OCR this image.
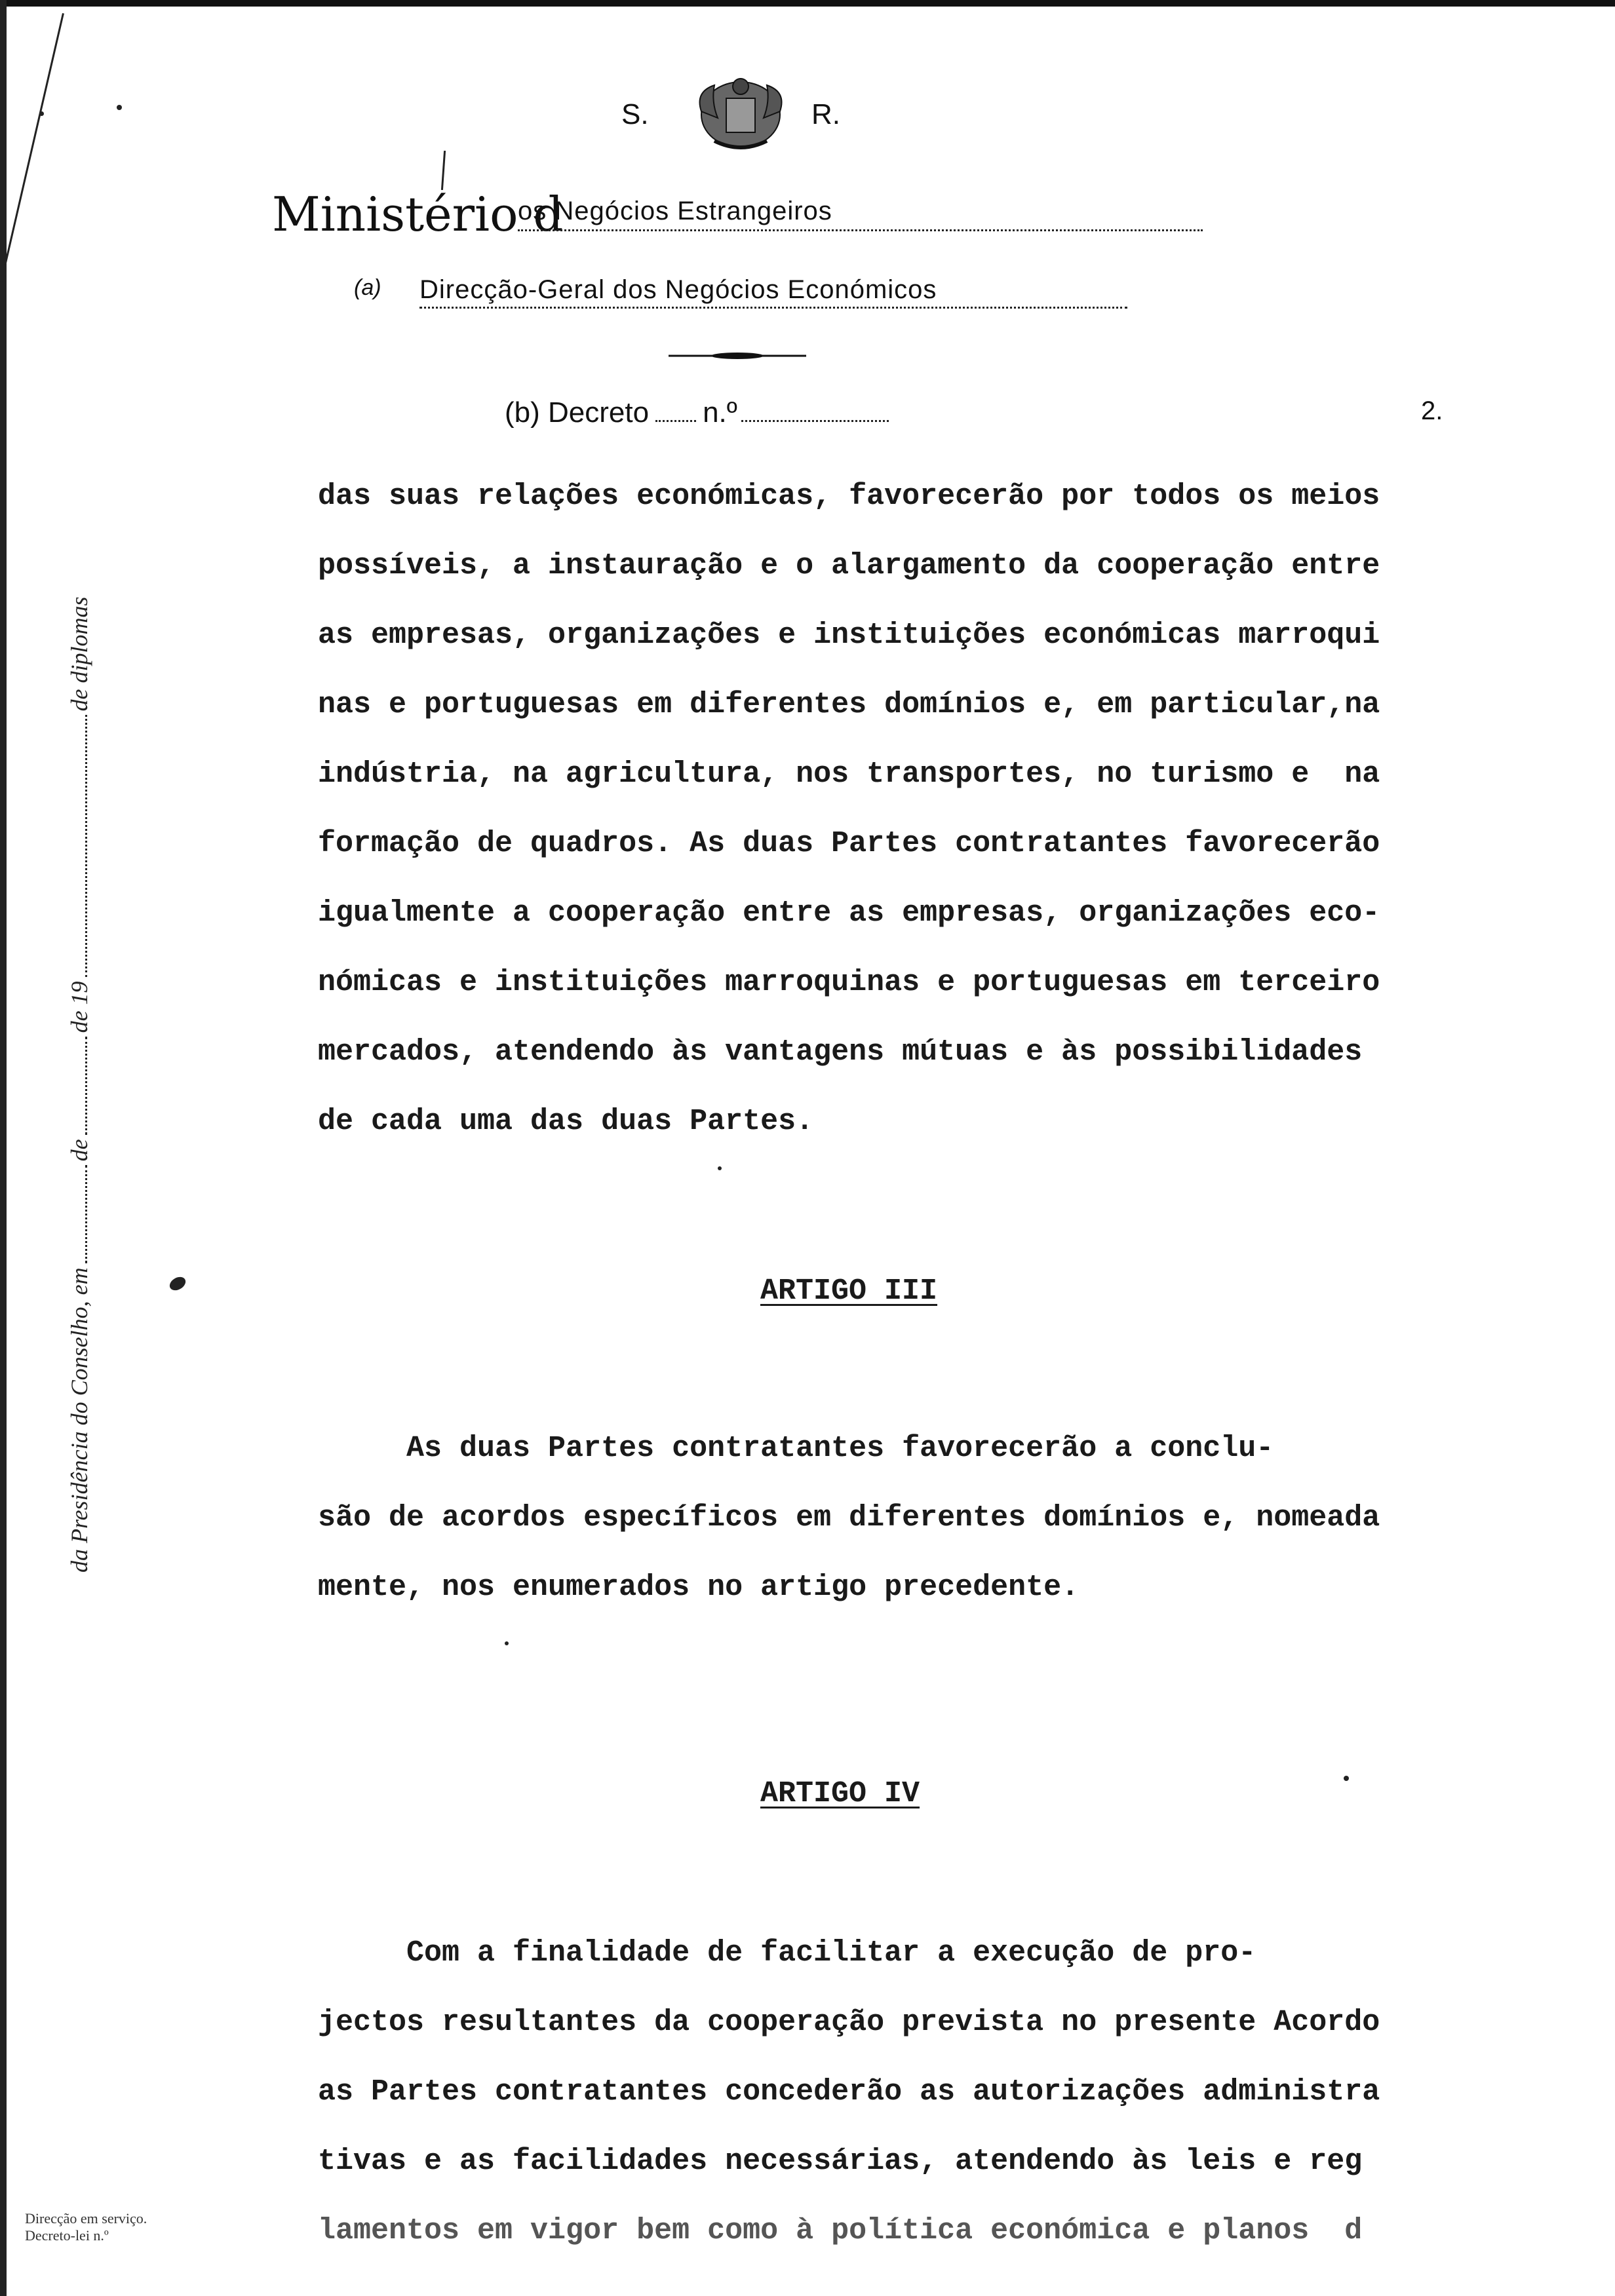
S.	R.
Ministério d
os Negócios Estrangeiros
(a) Direcção-Geral dos Negócios Económicos
(b) Decreto n.º	2.
das suas relações económicas, favorecerão por todos os meios
possíveis, a instauração e o alargamento da cooperação entre
as empresas, organizações e instituições económicas marroqui
nas e portuguesas em diferentes domínios e, em particular,na
indústria, na agricultura, nos transportes, no turismo e  na
formação de quadros. As duas Partes contratantes favorecerão
igualmente a cooperação entre as empresas, organizações eco-
nómicas e instituições marroquinas e portuguesas em terceiro
mercados, atendendo às vantagens mútuas e às possibilidades
de cada uma das duas Partes.
ARTIGO III
As duas Partes contratantes favorecerão a conclu-
são de acordos específicos em diferentes domínios e, nomeada
mente, nos enumerados no artigo precedente.
ARTIGO IV
Com a finalidade de facilitar a execução de pro-
jectos resultantes da cooperação prevista no presente Acordo
as Partes contratantes concederão as autorizações administra
tivas e as facilidades necessárias, atendendo às leis e reg
lamentos em vigor bem como à política económica e planos  d
da Presidência do Conselho, emdede 19de diplomas
Direcção em serviço.
Decreto-lei n.º
